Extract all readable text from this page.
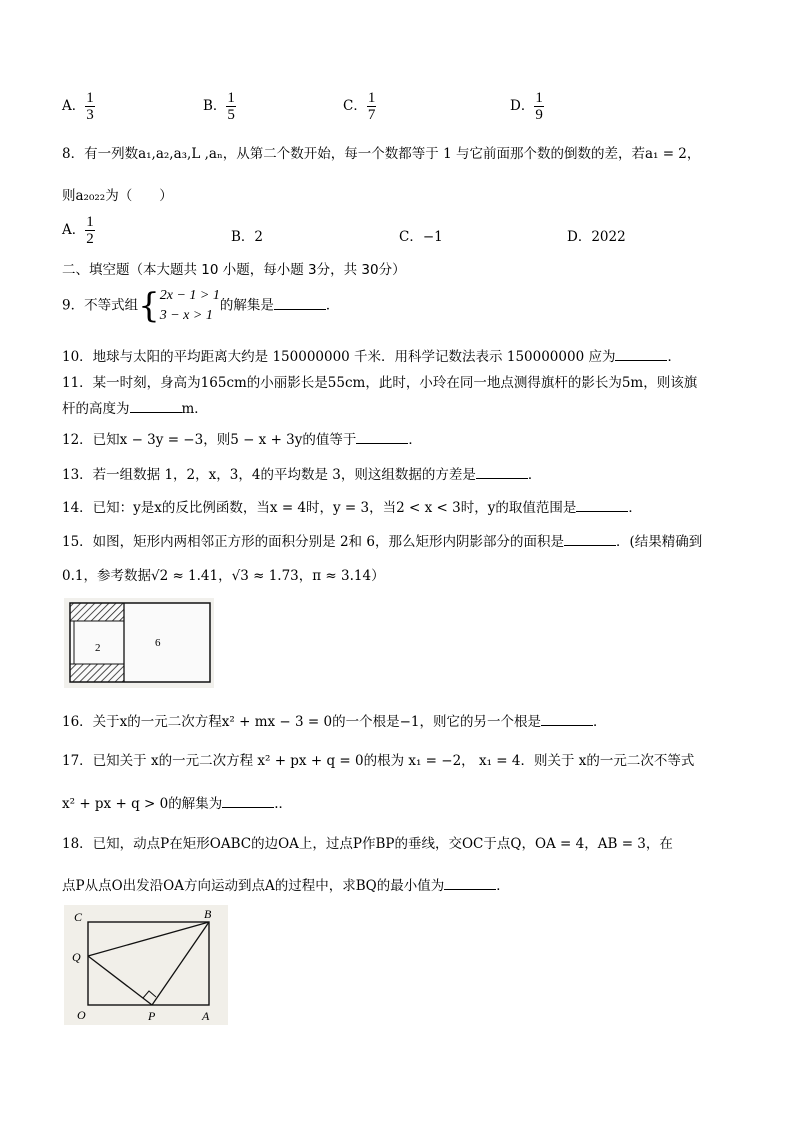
A． $\frac{1}{3}$	B． $\frac{1}{5}$	C． $\frac{1}{7}$	D． $\frac{1}{9}$
8．有一列数a₁,a₂,a₃,L ,aₙ，从第二个数开始，每一个数都等于 1 与它前面那个数的倒数的差，若a₁ = 2，
则a₂₀₂₂为（　　）
A． $\frac{1}{2}$	B．2	C．−1	D．2022
二、填空题（本大题共 10 小题，每小题 3分，共 30分）
9．不等式组{ 2x − 1 > 1
3 − x > 1
的解集是	．
10．地球与太阳的平均距离大约是 150000000 千米．用科学记数法表示 150000000 应为	．
11．某一时刻，身高为165cm的小丽影长是55cm，此时，小玲在同一地点测得旗杆的影长为5m，则该旗
杆的高度为	m．
12．已知x − 3y = −3，则5 − x + 3y的值等于	．
13．若一组数据 1，2，x，3，4的平均数是 3，则这组数据的方差是	．
14．已知：y是x的反比例函数，当x = 4时，y = 3，当2 < x < 3时，y的取值范围是	．
15．如图，矩形内两相邻正方形的面积分别是 2和 6，那么矩形内阴影部分的面积是	．(结果精确到
0.1，参考数据√2 ≈ 1.41，√3 ≈ 1.73，π ≈ 3.14）
2	6
16．关于x的一元二次方程x² + mx − 3 = 0的一个根是−1，则它的另一个根是	．
17．已知关于 x的一元二次方程 x² + px + q = 0的根为 x₁ = −2， x₁ = 4．则关于 x的一元二次不等式
x² + px + q > 0的解集为	.．
18．已知，动点P在矩形OABC的边OA上，过点P作BP的垂线，交OC于点Q，OA = 4，AB = 3，在
点P从点O出发沿OA方向运动到点A的过程中，求BQ的最小值为	．
C	B
Q
O	P	A
